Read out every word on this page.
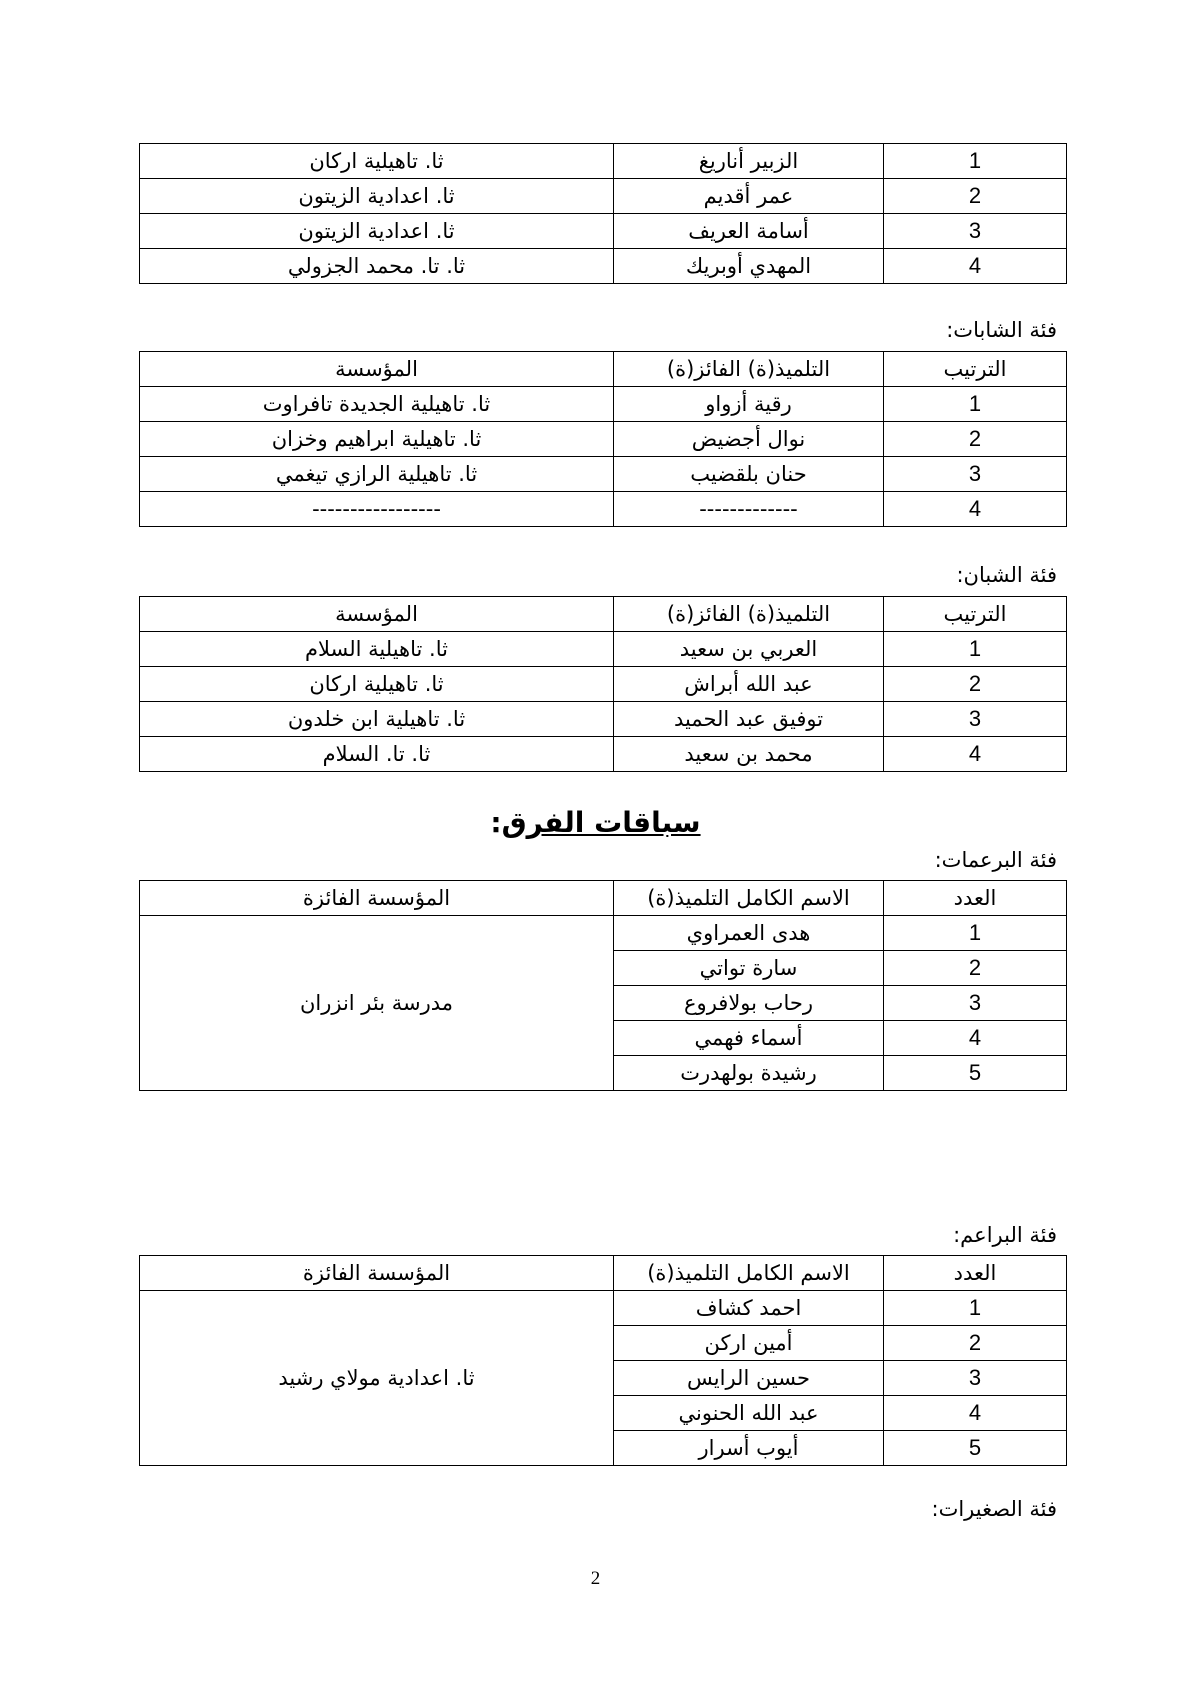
1	الزبير أناريغ	ثا. تاهيلية اركان
2	عمر أقديم	ثا. اعدادية الزيتون
3	أسامة العريف	ثا. اعدادية الزيتون
4	المهدي أوبريك	ثا. تا. محمد الجزولي
فئة الشابات:
الترتيب	التلميذ(ة) الفائز(ة)	المؤسسة
1	رقية أزواو	ثا. تاهيلية الجديدة تافراوت
2	نوال أجضيض	ثا. تاهيلية ابراهيم وخزان
3	حنان بلقضيب	ثا. تاهيلية الرازي تيغمي
4	-------------	-----------------
فئة الشبان:
الترتيب	التلميذ(ة) الفائز(ة)	المؤسسة
1	العربي بن سعيد	ثا. تاهيلية السلام
2	عبد الله أبراش	ثا. تاهيلية اركان
3	توفيق عبد الحميد	ثا. تاهيلية ابن خلدون
4	محمد بن سعيد	ثا. تا. السلام
سباقات الفرق:
فئة البرعمات:
العدد	الاسم الكامل التلميذ(ة)	المؤسسة الفائزة
1	هدى العمراوي	مدرسة بئر انزران
2	سارة تواتي	
3	رحاب بولافروع	
4	أسماء فهمي	
5	رشيدة بولهدرت	
فئة البراعم:
العدد	الاسم الكامل التلميذ(ة)	المؤسسة الفائزة
1	احمد كشاف	ثا. اعدادية مولاي رشيد
2	أمين اركن	
3	حسين الرايس	
4	عبد الله الحنوني	
5	أيوب أسرار	
فئة الصغيرات:
2
